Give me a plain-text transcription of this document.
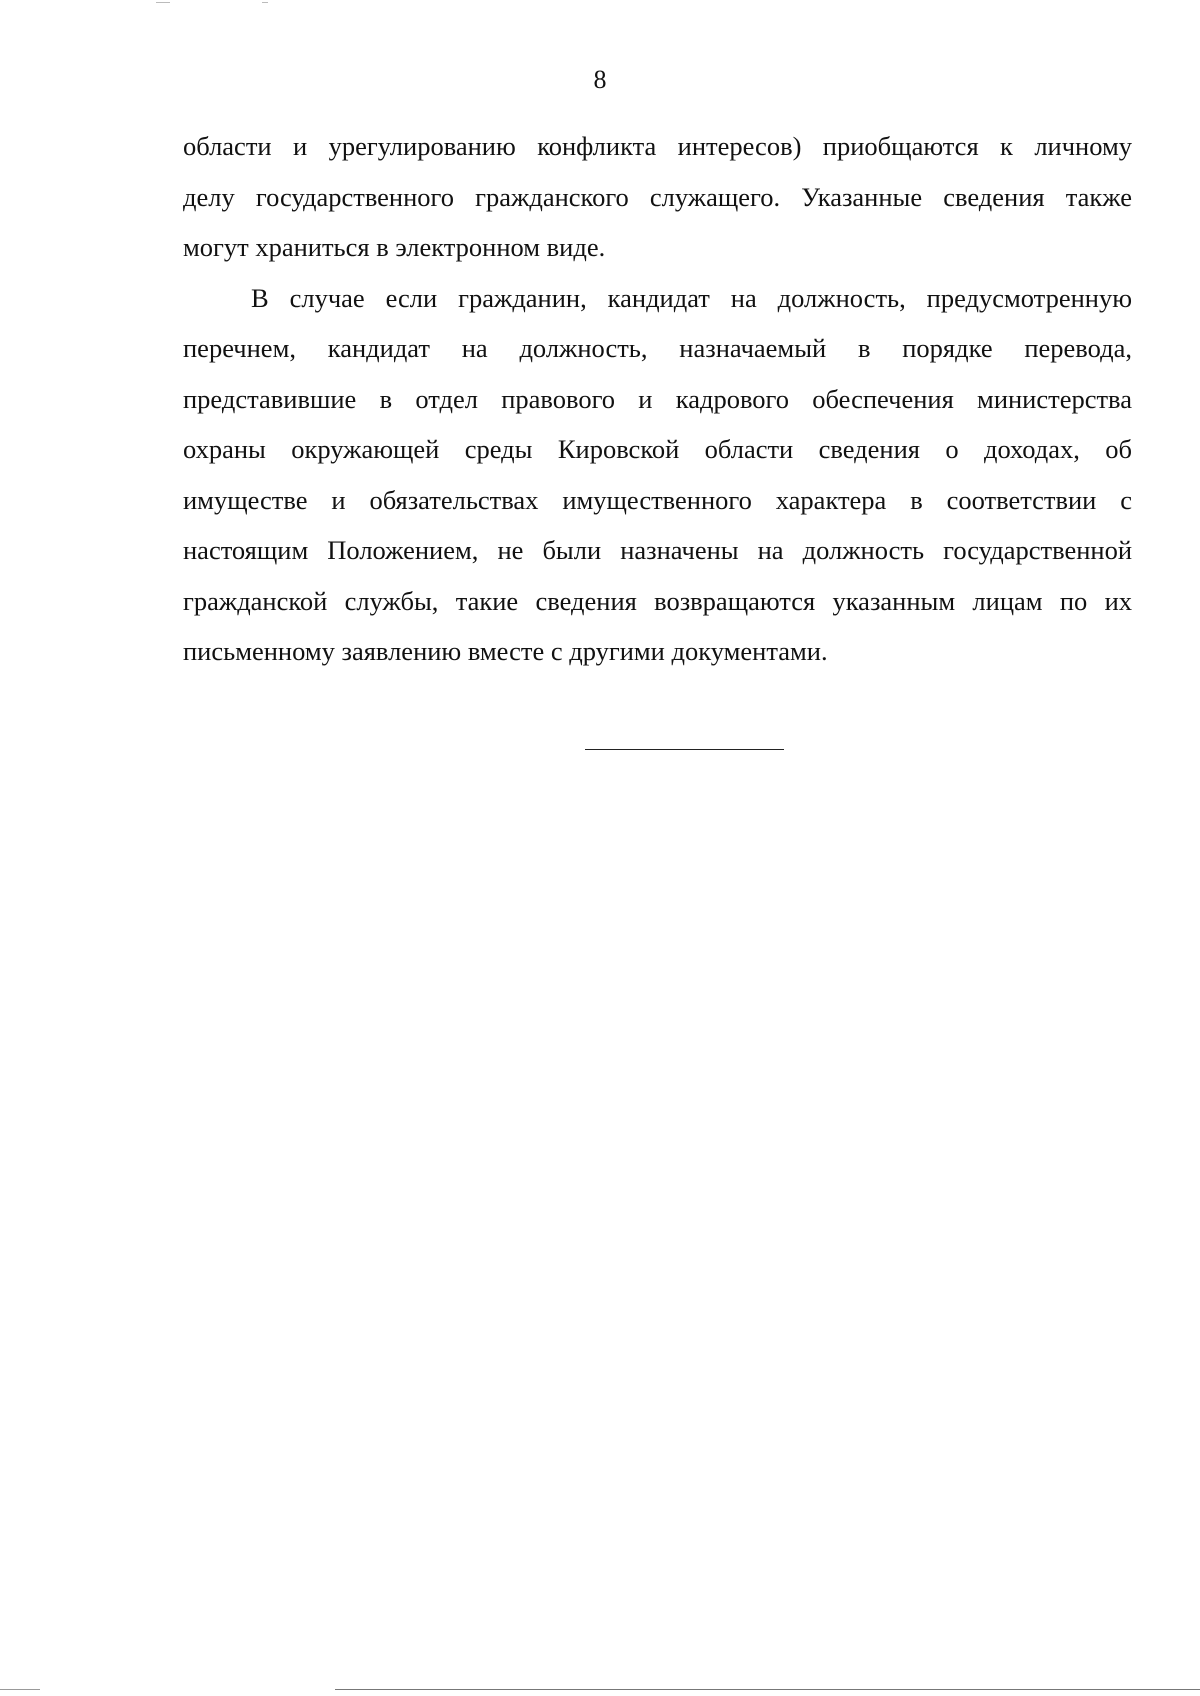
8
области и урегулированию конфликта интересов) приобщаются к личному
делу государственного гражданского служащего. Указанные сведения также
могут храниться в электронном виде.
В случае если гражданин, кандидат на должность, предусмотренную
перечнем, кандидат на должность, назначаемый в порядке перевода,
представившие в отдел правового и кадрового обеспечения министерства
охраны окружающей среды Кировской области сведения о доходах, об
имуществе и обязательствах имущественного характера в соответствии с
настоящим Положением, не были назначены на должность государственной
гражданской службы, такие сведения возвращаются указанным лицам по их
письменному заявлению вместе с другими документами.
